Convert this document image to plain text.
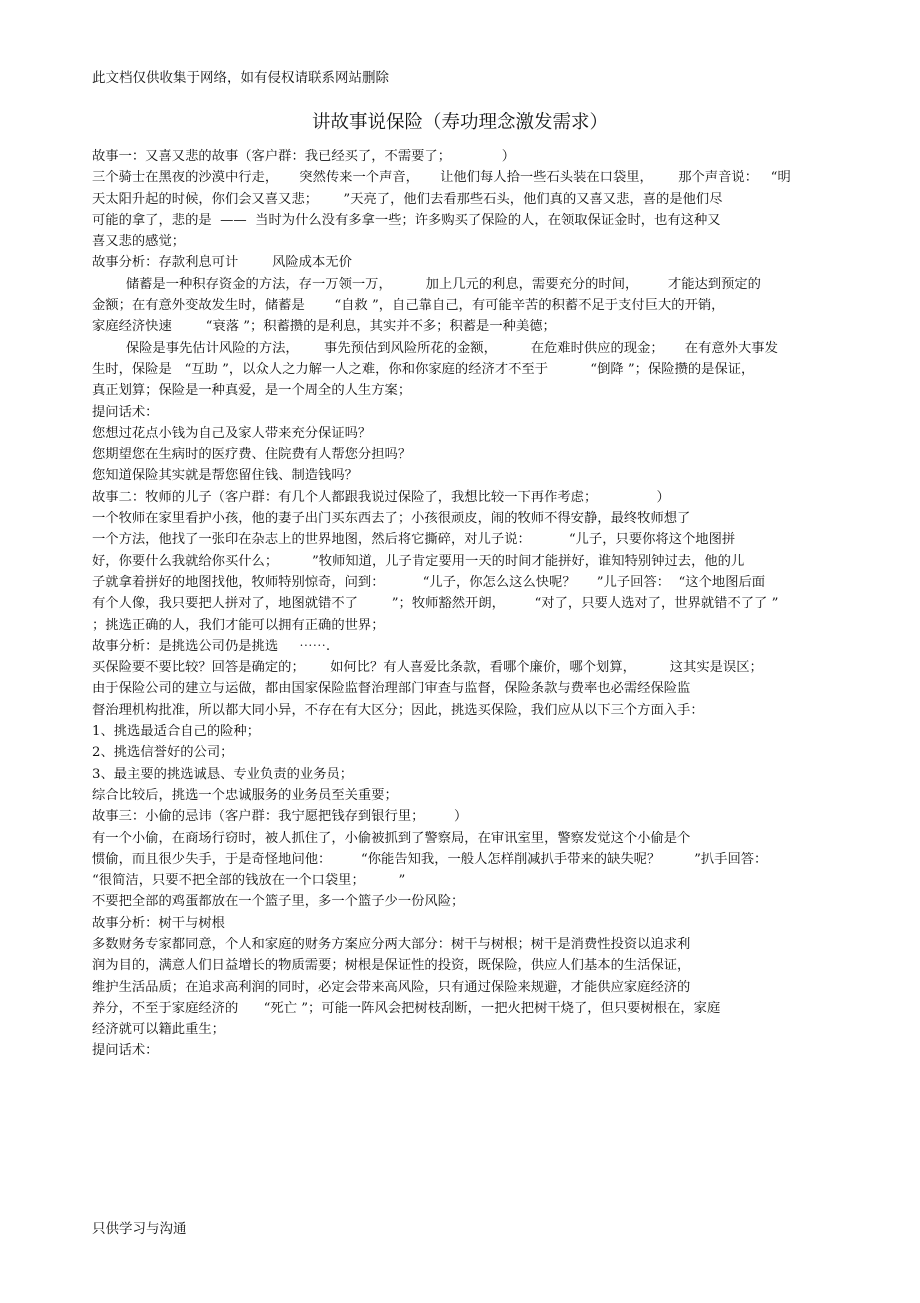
此文档仅供收集于网络，如有侵权请联系网站删除
讲故事说保险（寿功理念激发需求）
故事一：又喜又悲的故事（客户群：我已经买了，不需要了；            ）
三个骑士在黑夜的沙漠中行走，     突然传来一个声音，     让他们每人拾一些石头装在口袋里，      那个声音说：   “明
天太阳升起的时候，你们会又喜又悲；      ”天亮了，他们去看那些石头，他们真的又喜又悲，喜的是他们尽
可能的拿了，悲的是  ——  当时为什么没有多拿一些；许多购买了保险的人，在领取保证金时，也有这种又
喜又悲的感觉；
故事分析：存款利息可计        风险成本无价
储蓄是一种积存资金的方法，存一万领一万，        加上几元的利息，需要充分的时间，       才能达到预定的
金额；在有意外变故发生时，储蓄是       “自救 ”，自己靠自己，有可能辛苦的积蓄不足于支付巨大的开销，
家庭经济快速        “衰落 ”；积蓄攒的是利息，其实并不多；积蓄是一种美德；
保险是事先估计风险的方法，      事先预估到风险所花的金额，        在危难时供应的现金；     在有意外大事发
生时，保险是   “互助 ”，以众人之力解一人之难，你和你家庭的经济才不至于          “倒降 ”；保险攒的是保证，
真正划算；保险是一种真爱，是一个周全的人生方案；
提问话术：
您想过花点小钱为自己及家人带来充分保证吗？
您期望您在生病时的医疗费、住院费有人帮您分担吗？
您知道保险其实就是帮您留住钱、制造钱吗？
故事二：牧师的儿子（客户群：有几个人都跟我说过保险了，我想比较一下再作考虑；              ）
一个牧师在家里看护小孩，他的妻子出门买东西去了；小孩很顽皮，闹的牧师不得安静，最终牧师想了
一个方法，他找了一张印在杂志上的世界地图，然后将它撕碎，对儿子说：         “儿子，只要你将这个地图拼
好，你要什么我就给你买什么；        ”牧师知道，儿子肯定要用一天的时间才能拼好，谁知特别钟过去，他的儿
子就拿着拼好的地图找他，牧师特别惊奇，问到：         “儿子，你怎么这么快呢？     ”儿子回答：  “这个地图后面
有个人像，我只要把人拼对了，地图就错不了        ”；牧师豁然开朗，       “对了，只要人选对了，世界就错不了了 ”
；挑选正确的人，我们才能可以拥有正确的世界；
故事分析：是挑选公司仍是挑选     ⋯⋯.
买保险要不要比较？回答是确定的；      如何比？有人喜爱比条款，看哪个廉价，哪个划算，        这其实是误区；
由于保险公司的建立与运做，都由国家保险监督治理部门审查与监督，保险条款与费率也必需经保险监
督治理机构批准，所以都大同小异，不存在有大区分；因此，挑选买保险，我们应从以下三个方面入手：
1、挑选最适合自己的险种；
2、挑选信誉好的公司；
3、最主要的挑选诚恳、专业负责的业务员；
综合比较后，挑选一个忠诚服务的业务员至关重要；
故事三：小偷的忌讳（客户群：我宁愿把钱存到银行里；       ）
有一个小偷，在商场行窃时，被人抓住了，小偷被抓到了警察局，在审讯室里，警察发觉这个小偷是个
惯偷，而且很少失手，于是奇怪地问他：       “你能告知我，一般人怎样削减扒手带来的缺失呢？        ”扒手回答：
“很简洁，只要不把全部的钱放在一个口袋里；        ”
不要把全部的鸡蛋都放在一个篮子里，多一个篮子少一份风险；
故事分析：树干与树根
多数财务专家都同意，个人和家庭的财务方案应分两大部分：树干与树根；树干是消费性投资以追求利
润为目的，满意人们日益增长的物质需要；树根是保证性的投资，既保险，供应人们基本的生活保证，
维护生活品质；在追求高利润的同时，必定会带来高风险，只有通过保险来规避，才能供应家庭经济的
养分，不至于家庭经济的      “死亡 ”；可能一阵风会把树枝刮断，一把火把树干烧了，但只要树根在，家庭
经济就可以籍此重生；
提问话术：
只供学习与沟通
